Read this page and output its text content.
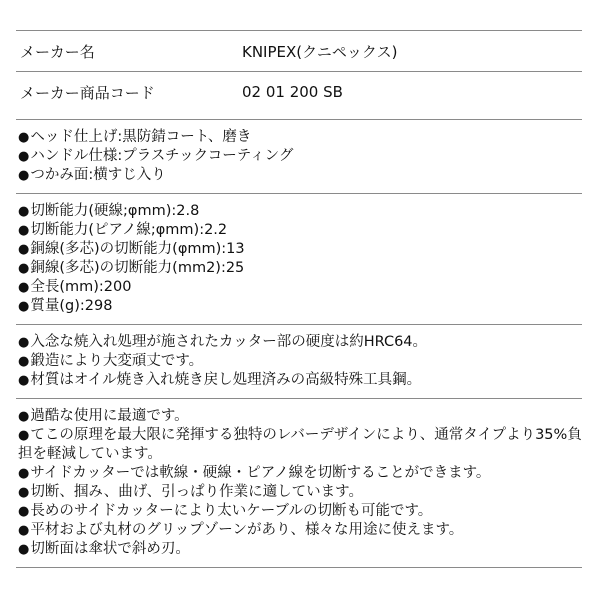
メーカー名	KNIPEX(クニペックス)
メーカー商品コード	02 01 200 SB
●ヘッド仕上げ:黒防錆コート、磨き
●ハンドル仕様:プラスチックコーティング
●つかみ面:横すじ入り
●切断能力(硬線;φmm):2.8
●切断能力(ピアノ線;φmm):2.2
●銅線(多芯)の切断能力(φmm):13
●銅線(多芯)の切断能力(mm2):25
●全長(mm):200
●質量(g):298
●入念な焼入れ処理が施されたカッター部の硬度は約HRC64。
●鍛造により大変頑丈です。
●材質はオイル焼き入れ焼き戻し処理済みの高級特殊工具鋼。
●過酷な使用に最適です。
●てこの原理を最大限に発揮する独特のレバーデザインにより、通常タイプより35%負担を軽減しています。
●サイドカッターでは軟線・硬線・ピアノ線を切断することができます。
●切断、掴み、曲げ、引っぱり作業に適しています。
●長めのサイドカッターにより太いケーブルの切断も可能です。
●平材および丸材のグリップゾーンがあり、様々な用途に使えます。
●切断面は傘状で斜め刃。
